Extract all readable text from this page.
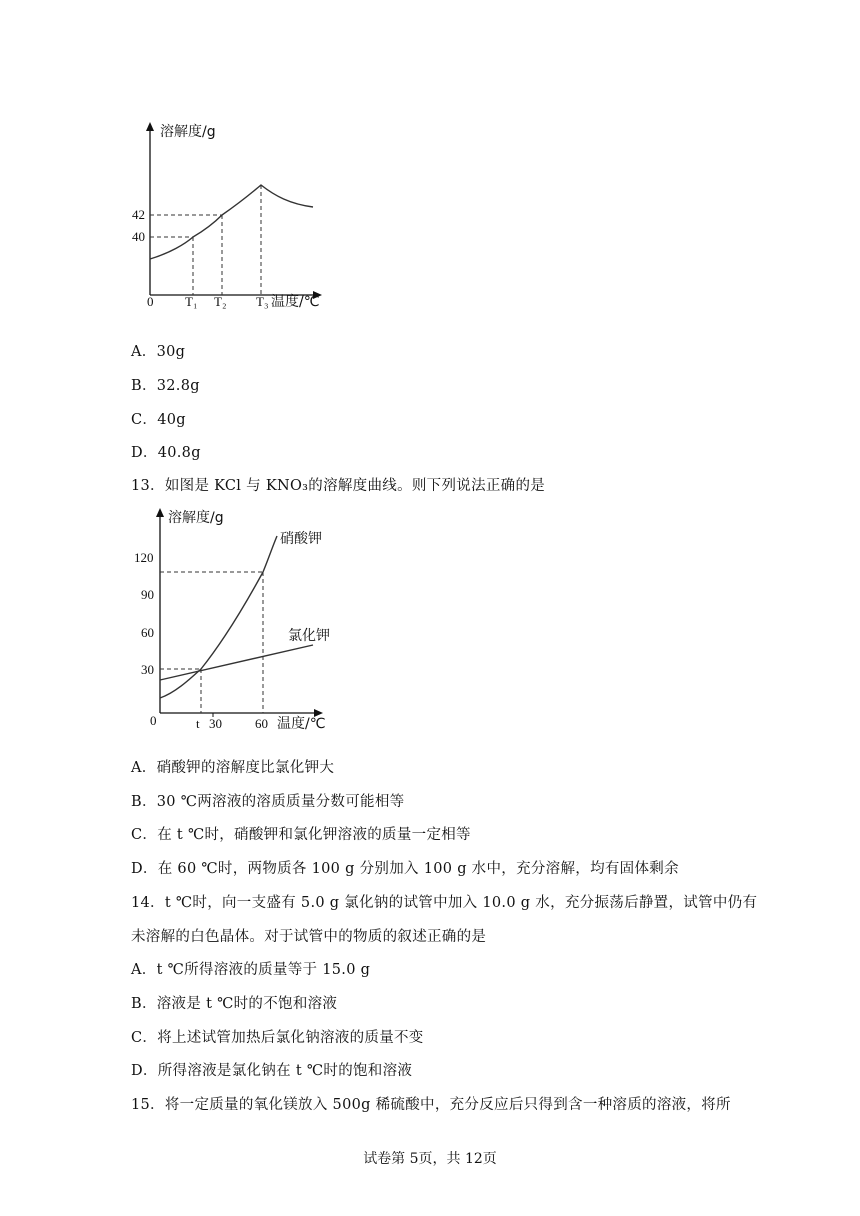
溶解度/g
42
40
0 T₁ T₂ T₃ 温度/℃
A．30g
B．32.8g
C．40g
D．40.8g
13．如图是 KCl 与 KNO₃的溶解度曲线。则下列说法正确的是
溶解度/g
硝酸钾
氯化钾
120
90
60
30
0	t 30	60 温度/℃
A．硝酸钾的溶解度比氯化钾大
B．30 ℃两溶液的溶质质量分数可能相等
C．在 t ℃时，硝酸钾和氯化钾溶液的质量一定相等
D．在 60 ℃时，两物质各 100 g 分别加入 100 g 水中，充分溶解，均有固体剩余
14．t ℃时，向一支盛有 5.0 g 氯化钠的试管中加入 10.0 g 水，充分振荡后静置，试管中仍有
未溶解的白色晶体。对于试管中的物质的叙述正确的是
A．t ℃所得溶液的质量等于 15.0 g
B．溶液是 t ℃时的不饱和溶液
C．将上述试管加热后氯化钠溶液的质量不变
D．所得溶液是氯化钠在 t ℃时的饱和溶液
15．将一定质量的氧化镁放入 500g 稀硫酸中，充分反应后只得到含一种溶质的溶液，将所
试卷第 5页，共 12页
